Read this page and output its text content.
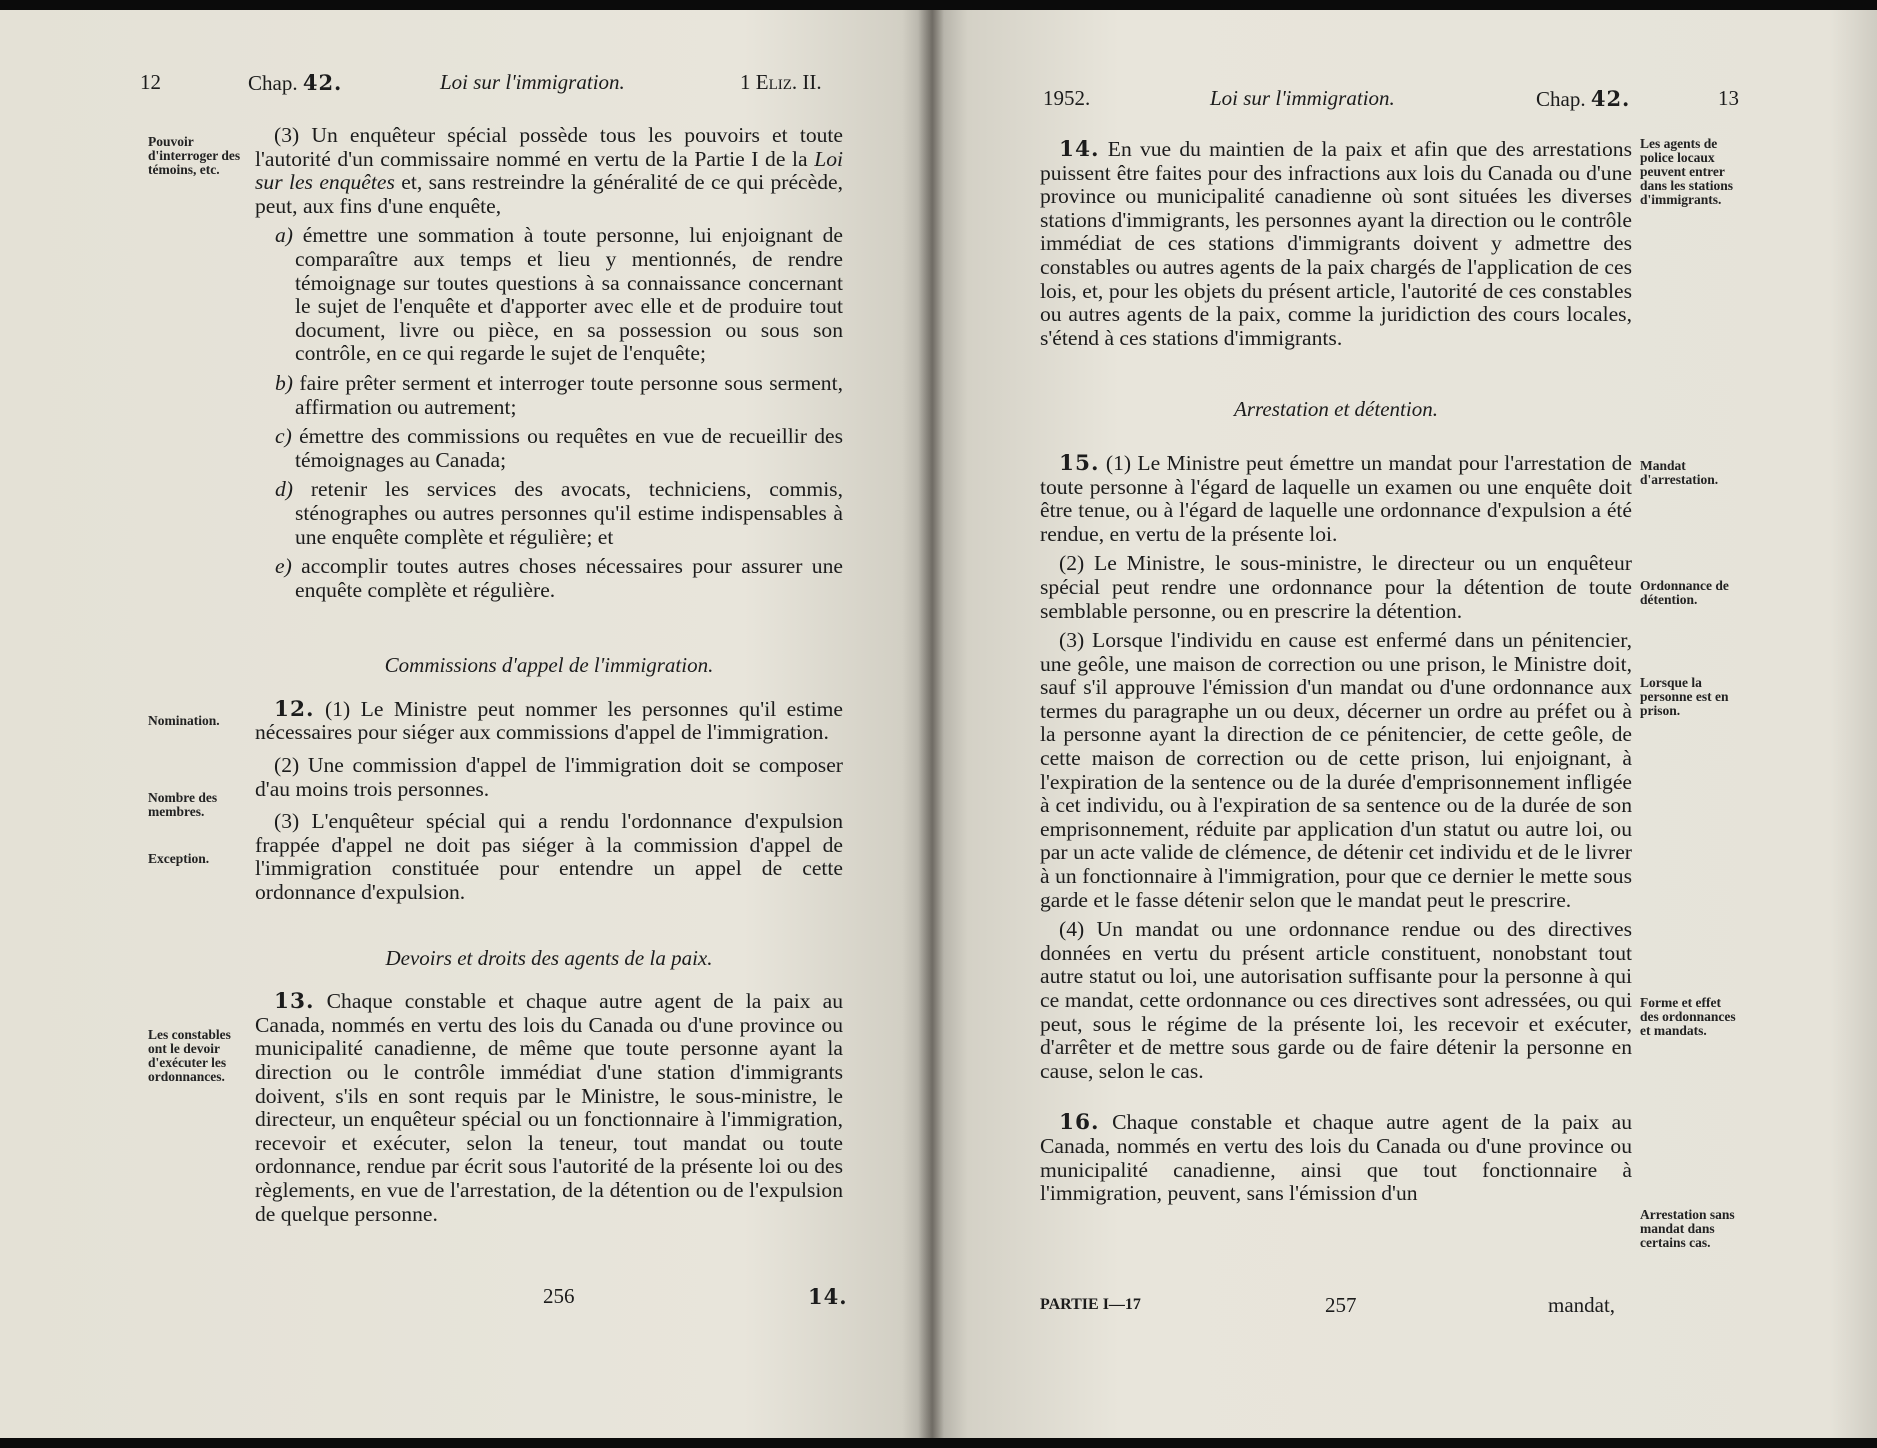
12	Chap. 42.	Loi sur l'immigration.	1 Eliz. II.
Pouvoir d'interroger des témoins, etc.
Nomination.
Nombre des membres.
Exception.
Les constables ont le devoir d'exécuter les ordonnances.

(3) Un enquêteur spécial possède tous les pouvoirs et toute l'autorité d'un commissaire nommé en vertu de la Partie I de la Loi sur les enquêtes et, sans restreindre la généralité de ce qui précède, peut, aux fins d'une enquête,

a) émettre une sommation à toute personne, lui enjoignant de comparaître aux temps et lieu y mentionnés, de rendre témoignage sur toutes questions à sa connaissance concernant le sujet de l'enquête et d'apporter avec elle et de produire tout document, livre ou pièce, en sa possession ou sous son contrôle, en ce qui regarde le sujet de l'enquête;

b) faire prêter serment et interroger toute personne sous serment, affirmation ou autrement;

c) émettre des commissions ou requêtes en vue de recueillir des témoignages au Canada;

d) retenir les services des avocats, techniciens, commis, sténographes ou autres personnes qu'il estime indispensables à une enquête complète et régulière; et

e) accomplir toutes autres choses nécessaires pour assurer une enquête complète et régulière.

Commissions d'appel de l'immigration.

12. (1) Le Ministre peut nommer les personnes qu'il estime nécessaires pour siéger aux commissions d'appel de l'immigration.

(2) Une commission d'appel de l'immigration doit se composer d'au moins trois personnes.

(3) L'enquêteur spécial qui a rendu l'ordonnance d'expulsion frappée d'appel ne doit pas siéger à la commission d'appel de l'immigration constituée pour entendre un appel de cette ordonnance d'expulsion.

Devoirs et droits des agents de la paix.

13. Chaque constable et chaque autre agent de la paix au Canada, nommés en vertu des lois du Canada ou d'une province ou municipalité canadienne, de même que toute personne ayant la direction ou le contrôle immédiat d'une station d'immigrants doivent, s'ils en sont requis par le Ministre, le sous-ministre, le directeur, un enquêteur spécial ou un fonctionnaire à l'immigration, recevoir et exécuter, selon la teneur, tout mandat ou toute ordonnance, rendue par écrit sous l'autorité de la présente loi ou des règlements, en vue de l'arrestation, de la détention ou de l'expulsion de quelque personne.

256	14.
1952.	Loi sur l'immigration.	Chap. 42.	13
Les agents de police locaux peuvent entrer dans les stations d'immigrants.
Mandat d'arrestation.
Ordonnance de détention.
Lorsque la personne est en prison.
Forme et effet des ordonnances et mandats.
Arrestation sans mandat dans certains cas.

14. En vue du maintien de la paix et afin que des arrestations puissent être faites pour des infractions aux lois du Canada ou d'une province ou municipalité canadienne où sont situées les diverses stations d'immigrants, les personnes ayant la direction ou le contrôle immédiat de ces stations d'immigrants doivent y admettre des constables ou autres agents de la paix chargés de l'application de ces lois, et, pour les objets du présent article, l'autorité de ces constables ou autres agents de la paix, comme la juridiction des cours locales, s'étend à ces stations d'immigrants.

Arrestation et détention.

15. (1) Le Ministre peut émettre un mandat pour l'arrestation de toute personne à l'égard de laquelle un examen ou une enquête doit être tenue, ou à l'égard de laquelle une ordonnance d'expulsion a été rendue, en vertu de la présente loi.

(2) Le Ministre, le sous-ministre, le directeur ou un enquêteur spécial peut rendre une ordonnance pour la détention de toute semblable personne, ou en prescrire la détention.

(3) Lorsque l'individu en cause est enfermé dans un pénitencier, une geôle, une maison de correction ou une prison, le Ministre doit, sauf s'il approuve l'émission d'un mandat ou d'une ordonnance aux termes du paragraphe un ou deux, décerner un ordre au préfet ou à la personne ayant la direction de ce pénitencier, de cette geôle, de cette maison de correction ou de cette prison, lui enjoignant, à l'expiration de la sentence ou de la durée d'emprisonnement infligée à cet individu, ou à l'expiration de sa sentence ou de la durée de son emprisonnement, réduite par application d'un statut ou autre loi, ou par un acte valide de clémence, de détenir cet individu et de le livrer à un fonctionnaire à l'immigration, pour que ce dernier le mette sous garde et le fasse détenir selon que le mandat peut le prescrire.

(4) Un mandat ou une ordonnance rendue ou des directives données en vertu du présent article constituent, nonobstant tout autre statut ou loi, une autorisation suffisante pour la personne à qui ce mandat, cette ordonnance ou ces directives sont adressées, ou qui peut, sous le régime de la présente loi, les recevoir et exécuter, d'arrêter et de mettre sous garde ou de faire détenir la personne en cause, selon le cas.

16. Chaque constable et chaque autre agent de la paix au Canada, nommés en vertu des lois du Canada ou d'une province ou municipalité canadienne, ainsi que tout fonctionnaire à l'immigration, peuvent, sans l'émission d'un

PARTIE I—17	257	mandat,
